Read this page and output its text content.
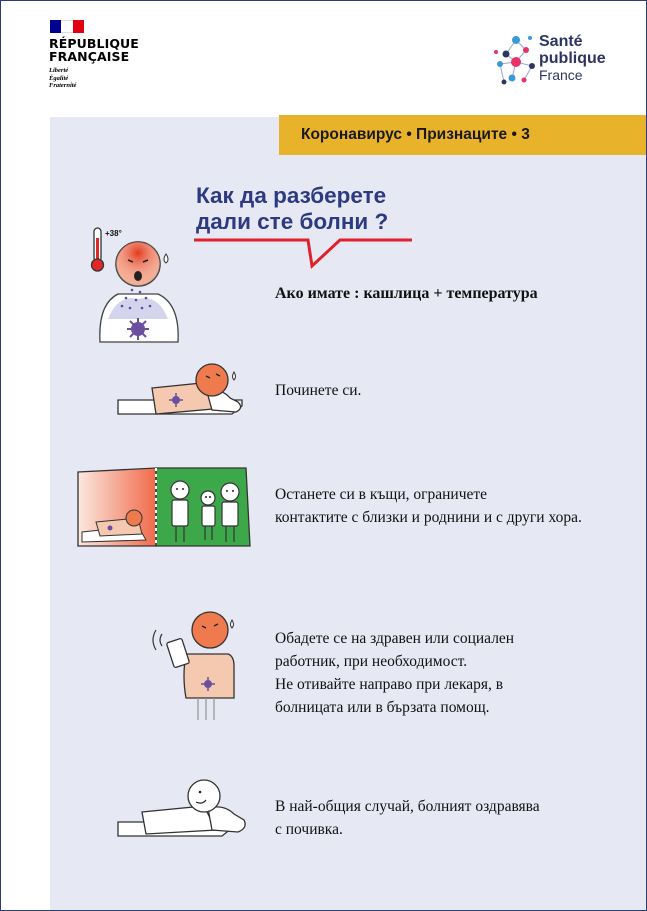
RÉPUBLIQUE
FRANÇAISE
Liberté
Égalité
Fraternité
Santé
publique
France
Коронавирус • Признаците • 3
Как да разберете
дали сте болни ?
+38°
Ако имате : кашлица + температура
Починете си.
Останете си в къщи, ограничете
контактите с близки и роднини и с други хора.
Обадете се на здравен или социален
работник, при необходимост.
Не отивайте направо при лекаря, в
болницата или в бързата помощ.
В най-общия случай, болният оздравява
с почивка.
